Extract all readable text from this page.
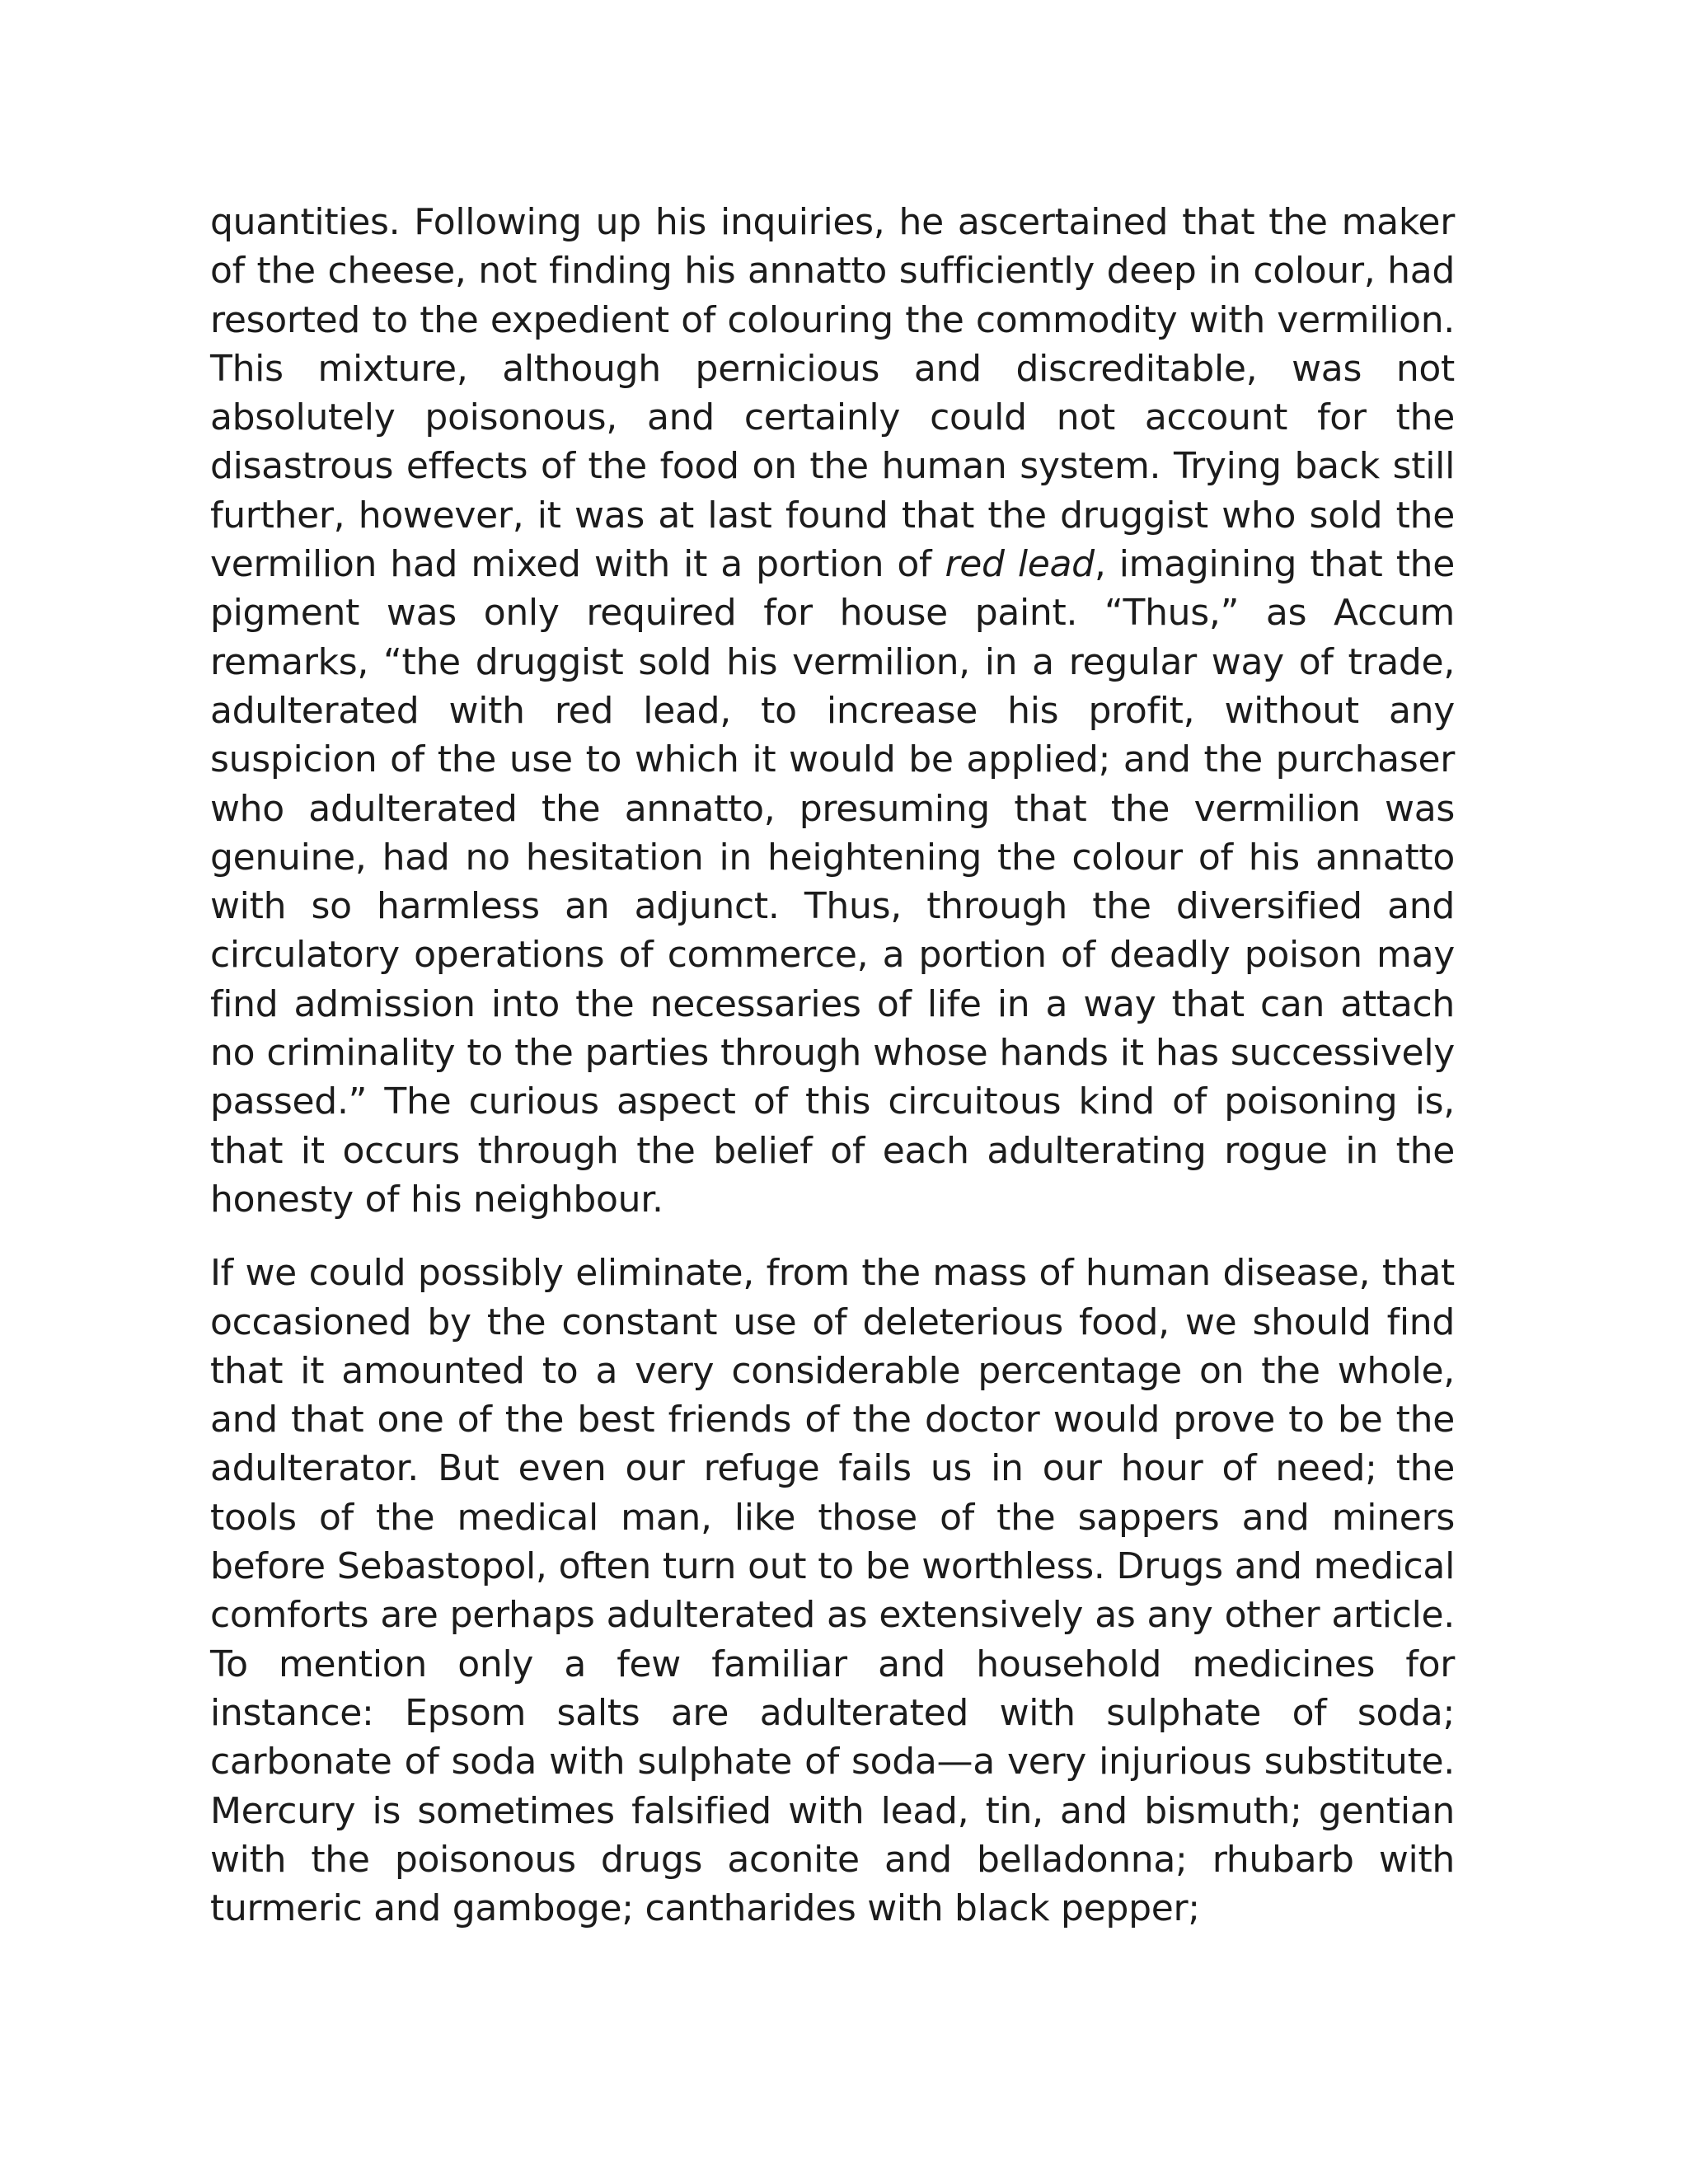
quantities. Following up his inquiries, he ascertained that the maker of the cheese, not finding his annatto sufficiently deep in colour, had resorted to the expedient of colouring the commodity with vermilion. This mixture, although pernicious and discreditable, was not absolutely poisonous, and certainly could not account for the disastrous effects of the food on the human system. Trying back still further, however, it was at last found that the druggist who sold the vermilion had mixed with it a portion of red lead, imagining that the pigment was only required for house paint. “Thus,” as Accum remarks, “the druggist sold his vermilion, in a regular way of trade, adulterated with red lead, to increase his profit, without any suspicion of the use to which it would be applied; and the purchaser who adulterated the annatto, presuming that the vermilion was genuine, had no hesitation in heightening the colour of his annatto with so harmless an adjunct. Thus, through the diversified and circulatory operations of commerce, a portion of deadly poison may find admission into the necessaries of life in a way that can attach no criminality to the parties through whose hands it has successively passed.” The curious aspect of this circuitous kind of poisoning is, that it occurs through the belief of each adulterating rogue in the honesty of his neighbour.

If we could possibly eliminate, from the mass of human disease, that occasioned by the constant use of deleterious food, we should find that it amounted to a very considerable percentage on the whole, and that one of the best friends of the doctor would prove to be the adulterator. But even our refuge fails us in our hour of need; the tools of the medical man, like those of the sappers and miners before Sebastopol, often turn out to be worthless. Drugs and medical comforts are perhaps adulterated as extensively as any other article. To mention only a few familiar and household medicines for instance: Epsom salts are adulterated with sulphate of soda; carbonate of soda with sulphate of soda—a very injurious substitute. Mercury is sometimes falsified with lead, tin, and bismuth; gentian with the poisonous drugs aconite and belladonna; rhubarb with turmeric and gamboge; cantharides with black pepper;
